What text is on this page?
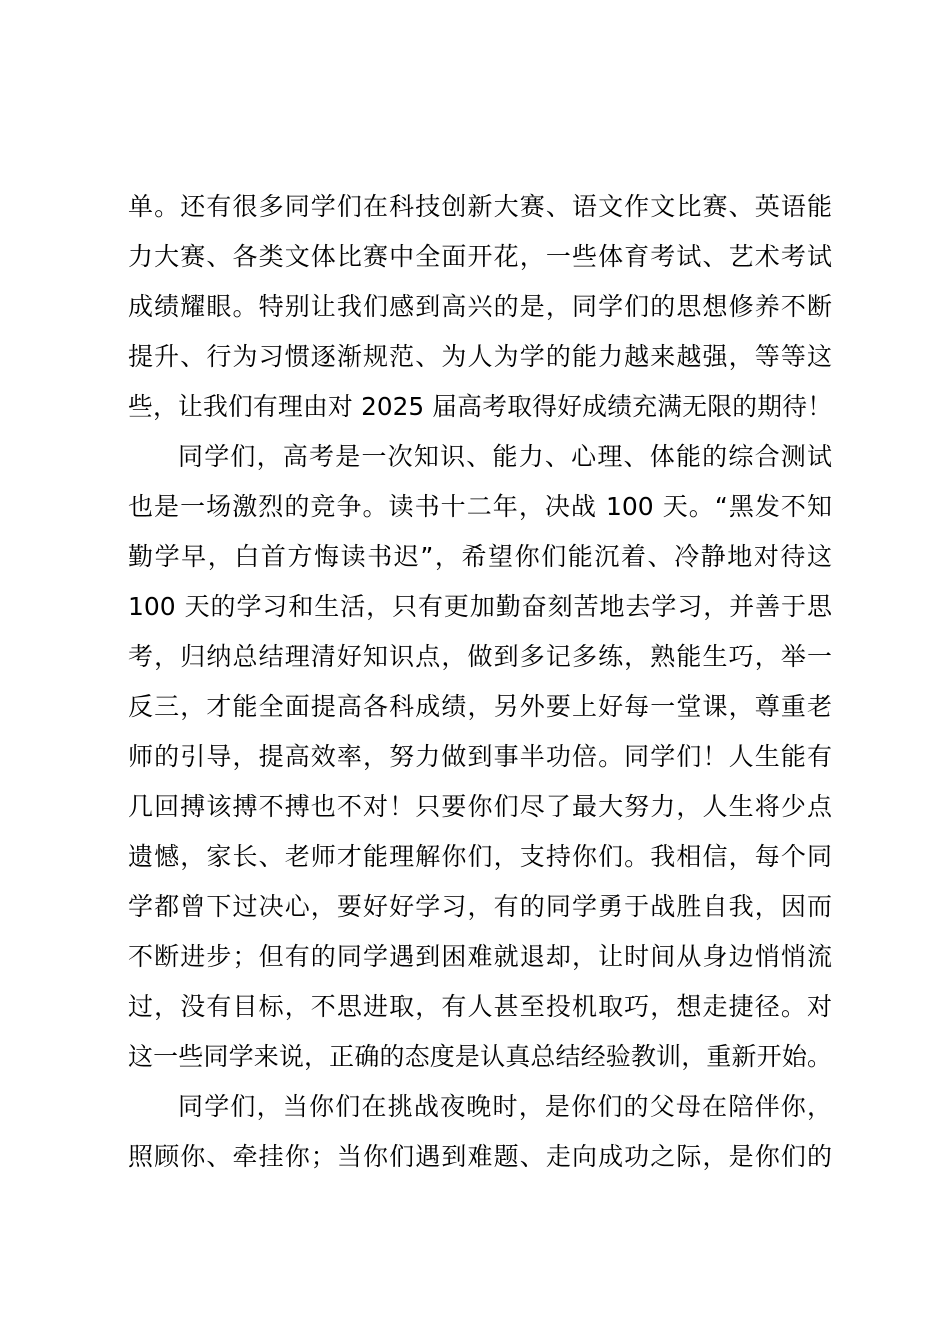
单。还有很多同学们在科技创新大赛、语文作文比赛、英语能
力大赛、各类文体比赛中全面开花，一些体育考试、艺术考试
成绩耀眼。特别让我们感到高兴的是，同学们的思想修养不断
提升、行为习惯逐渐规范、为人为学的能力越来越强，等等这
些，让我们有理由对 2025 届高考取得好成绩充满无限的期待！
同学们，高考是一次知识、能力、心理、体能的综合测试
也是一场激烈的竞争。读书十二年，决战 100 天。“黑发不知
勤学早，白首方悔读书迟”，希望你们能沉着、冷静地对待这
100 天的学习和生活，只有更加勤奋刻苦地去学习，并善于思
考，归纳总结理清好知识点，做到多记多练，熟能生巧，举一
反三，才能全面提高各科成绩，另外要上好每一堂课，尊重老
师的引导，提高效率，努力做到事半功倍。同学们！人生能有
几回搏该搏不搏也不对！只要你们尽了最大努力，人生将少点
遗憾，家长、老师才能理解你们，支持你们。我相信，每个同
学都曾下过决心，要好好学习，有的同学勇于战胜自我，因而
不断进步；但有的同学遇到困难就退却，让时间从身边悄悄流
过，没有目标，不思进取，有人甚至投机取巧，想走捷径。对
这一些同学来说，正确的态度是认真总结经验教训，重新开始。
同学们，当你们在挑战夜晚时，是你们的父母在陪伴你，
照顾你、牵挂你；当你们遇到难题、走向成功之际，是你们的
